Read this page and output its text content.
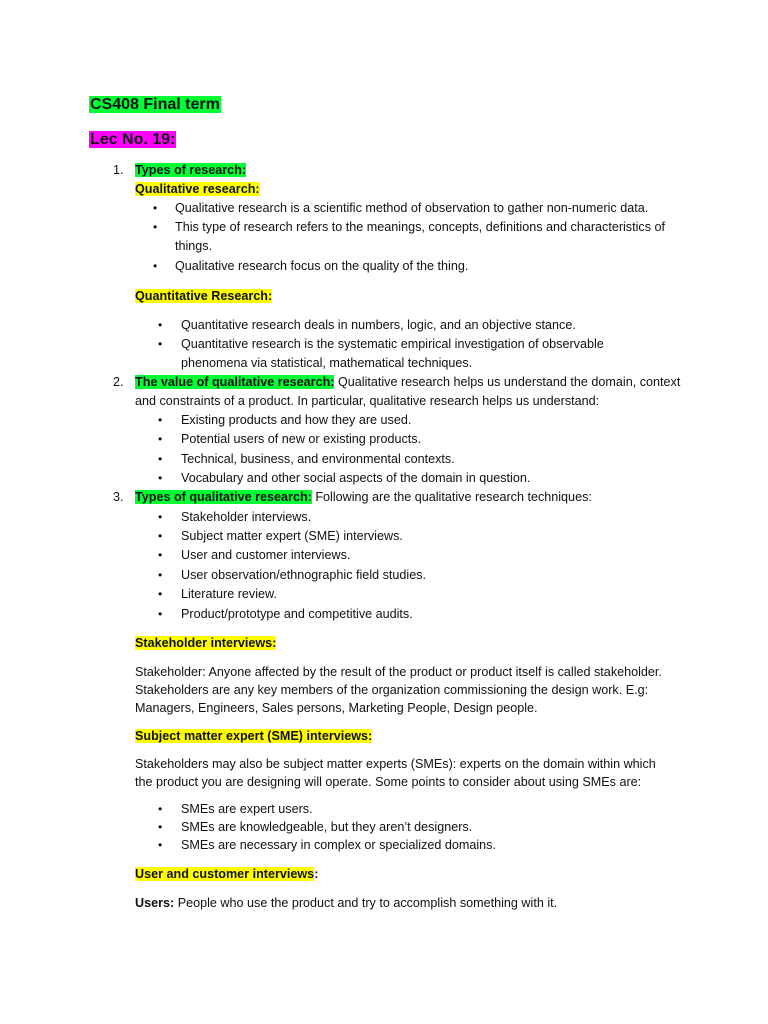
CS408 Final term
Lec No. 19:
1. Types of research:
Qualitative research:
• Qualitative research is a scientific method of observation to gather non-numeric data.
• This type of research refers to the meanings, concepts, definitions and characteristics of
things.
• Qualitative research focus on the quality of the thing.
Quantitative Research:
• Quantitative research deals in numbers, logic, and an objective stance.
• Quantitative research is the systematic empirical investigation of observable
phenomena via statistical, mathematical techniques.
2. The value of qualitative research: Qualitative research helps us understand the domain, context
and constraints of a product. In particular, qualitative research helps us understand:
• Existing products and how they are used.
• Potential users of new or existing products.
• Technical, business, and environmental contexts.
• Vocabulary and other social aspects of the domain in question.
3. Types of qualitative research: Following are the qualitative research techniques:
• Stakeholder interviews.
• Subject matter expert (SME) interviews.
• User and customer interviews.
• User observation/ethnographic field studies.
• Literature review.
• Product/prototype and competitive audits.
Stakeholder interviews:
Stakeholder: Anyone affected by the result of the product or product itself is called stakeholder.
Stakeholders are any key members of the organization commissioning the design work. E.g:
Managers, Engineers, Sales persons, Marketing People, Design people.
Subject matter expert (SME) interviews:
Stakeholders may also be subject matter experts (SMEs): experts on the domain within which
the product you are designing will operate. Some points to consider about using SMEs are:
• SMEs are expert users.
• SMEs are knowledgeable, but they aren’t designers.
• SMEs are necessary in complex or specialized domains.
User and customer interviews:
Users: People who use the product and try to accomplish something with it.
